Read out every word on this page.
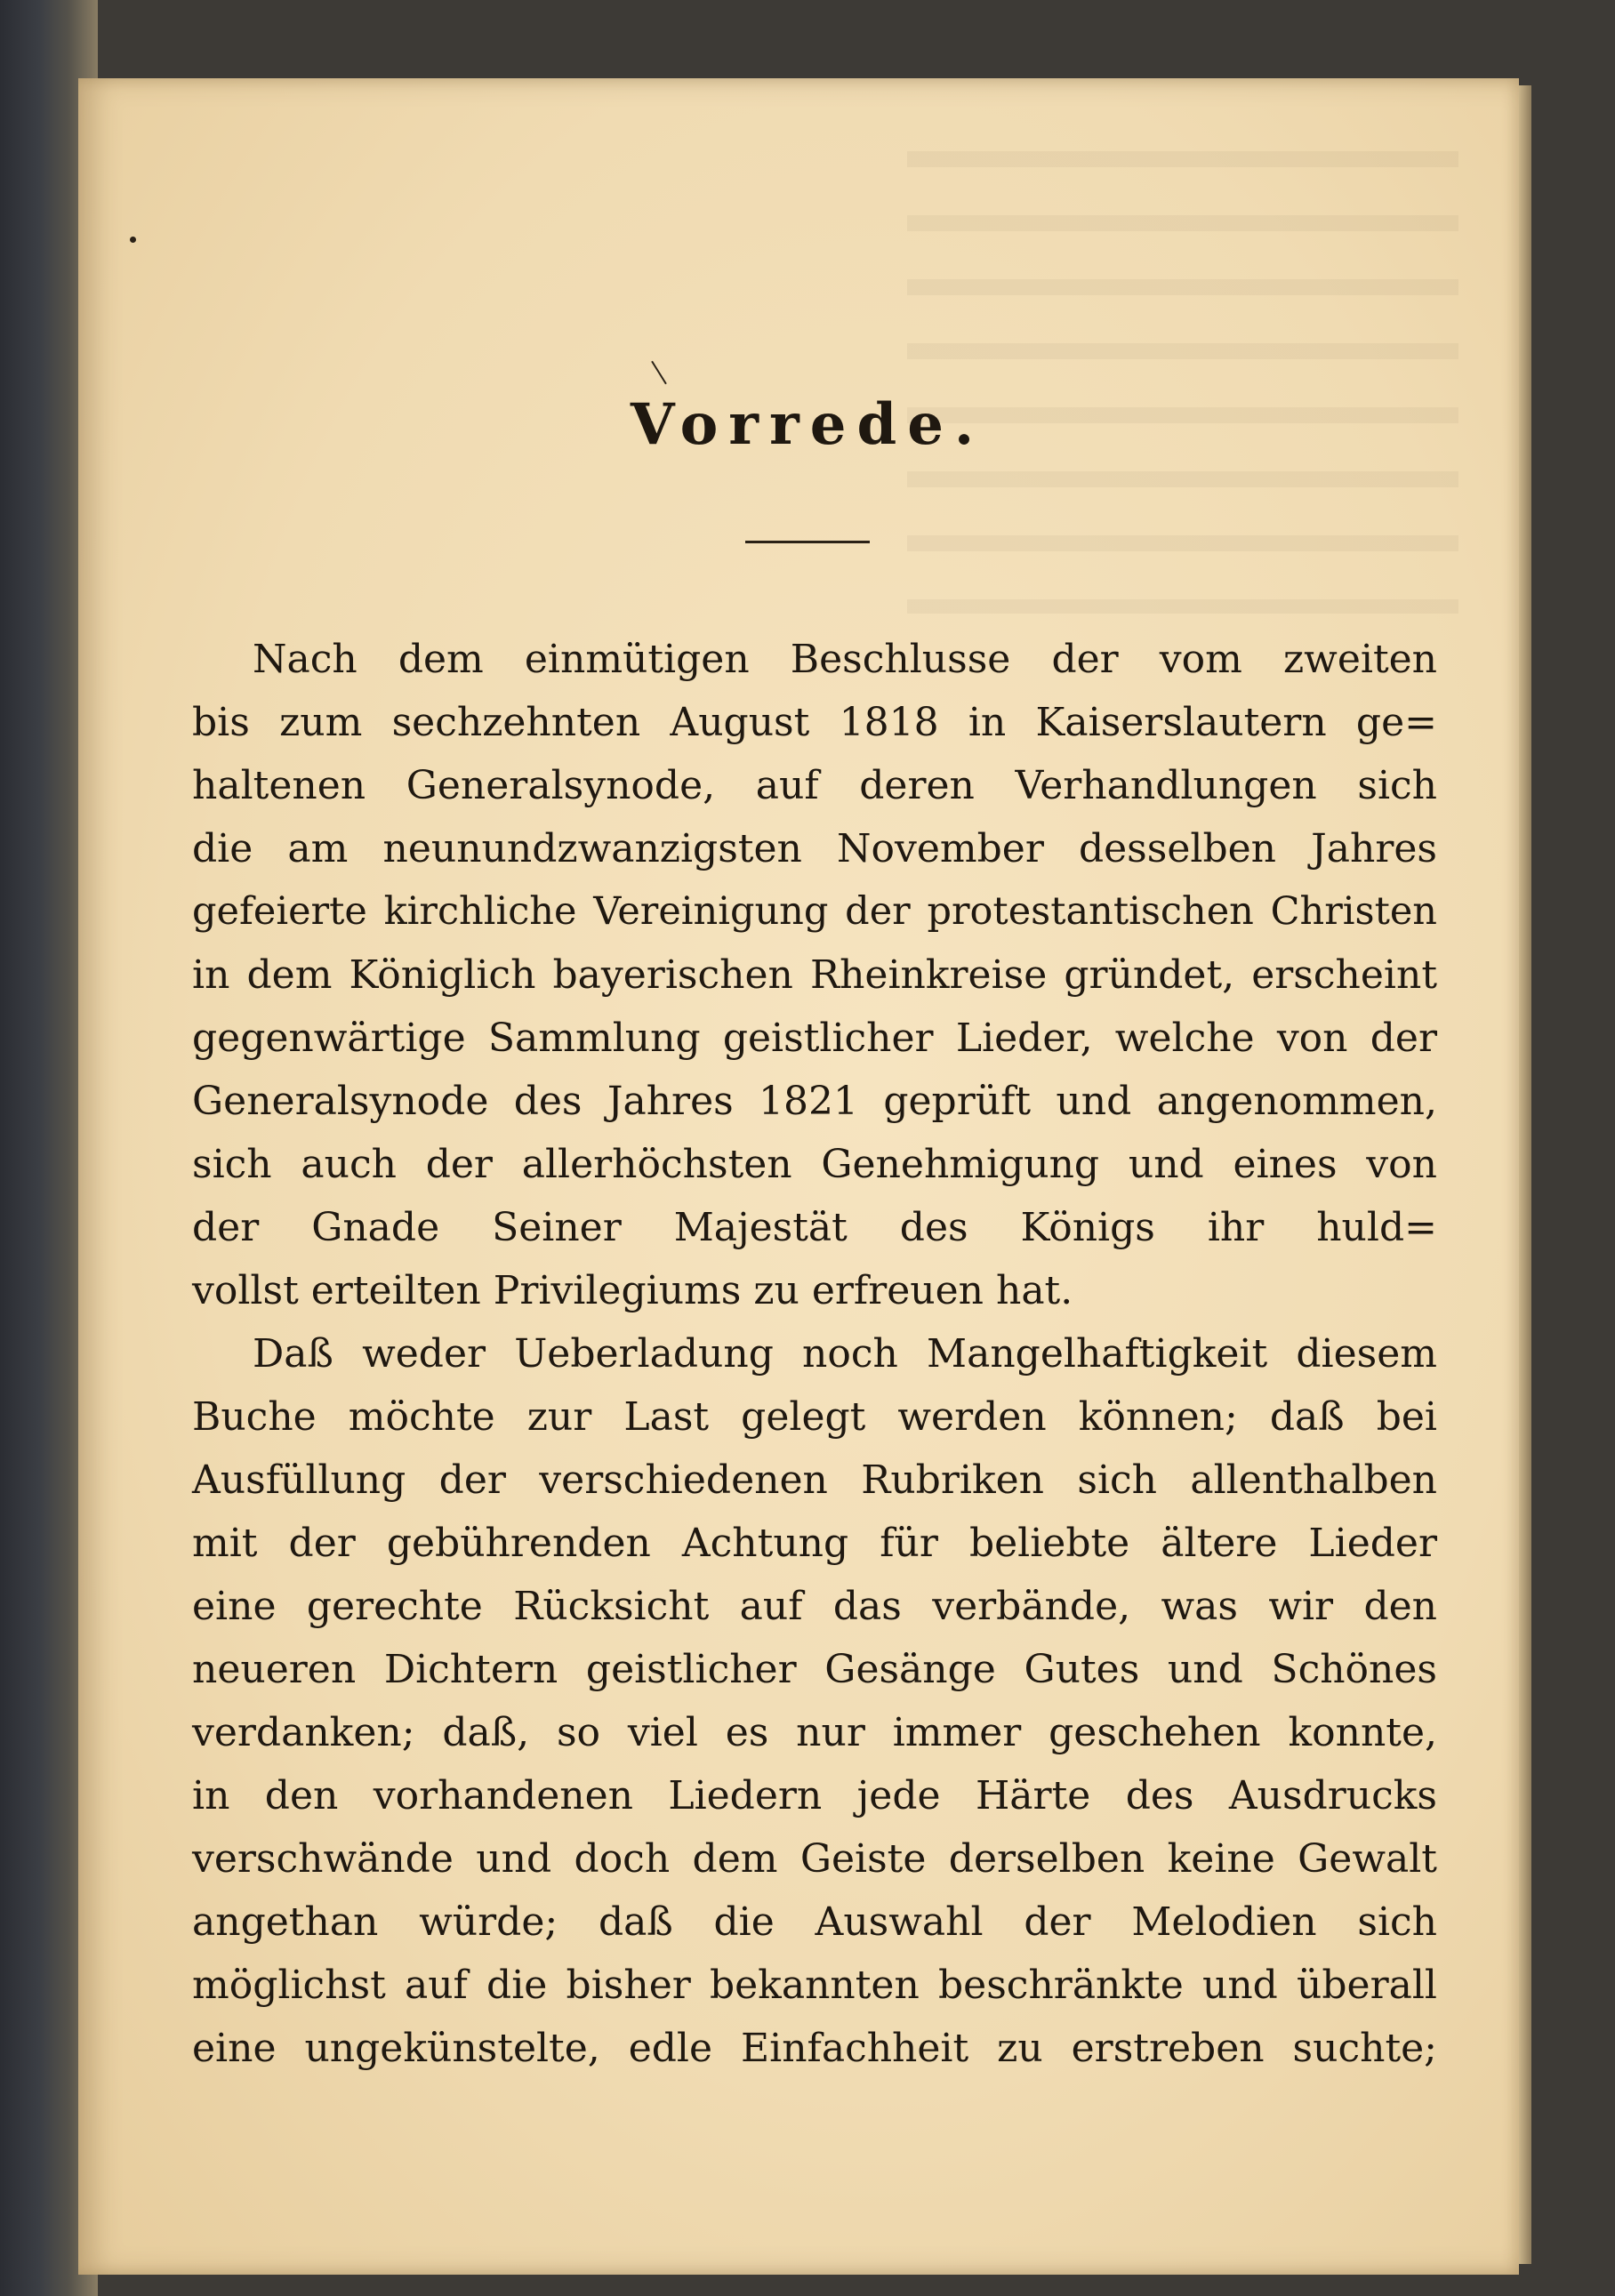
Vorrede.
Nach dem einmütigen Beschlusse der vom zweiten
bis zum sechzehnten August 1818 in Kaiserslautern ge=
haltenen Generalsynode, auf deren Verhandlungen sich
die am neunundzwanzigsten November desselben Jahres
gefeierte kirchliche Vereinigung der protestantischen Christen
in dem Königlich bayerischen Rheinkreise gründet, erscheint
gegenwärtige Sammlung geistlicher Lieder, welche von der
Generalsynode des Jahres 1821 geprüft und angenommen,
sich auch der allerhöchsten Genehmigung und eines von
der Gnade Seiner Majestät des Königs ihr huld=
vollst erteilten Privilegiums zu erfreuen hat.
Daß weder Ueberladung noch Mangelhaftigkeit diesem
Buche möchte zur Last gelegt werden können; daß bei
Ausfüllung der verschiedenen Rubriken sich allenthalben
mit der gebührenden Achtung für beliebte ältere Lieder
eine gerechte Rücksicht auf das verbände, was wir den
neueren Dichtern geistlicher Gesänge Gutes und Schönes
verdanken; daß, so viel es nur immer geschehen konnte,
in den vorhandenen Liedern jede Härte des Ausdrucks
verschwände und doch dem Geiste derselben keine Gewalt
angethan würde; daß die Auswahl der Melodien sich
möglichst auf die bisher bekannten beschränkte und überall
eine ungekünstelte, edle Einfachheit zu erstreben suchte;
